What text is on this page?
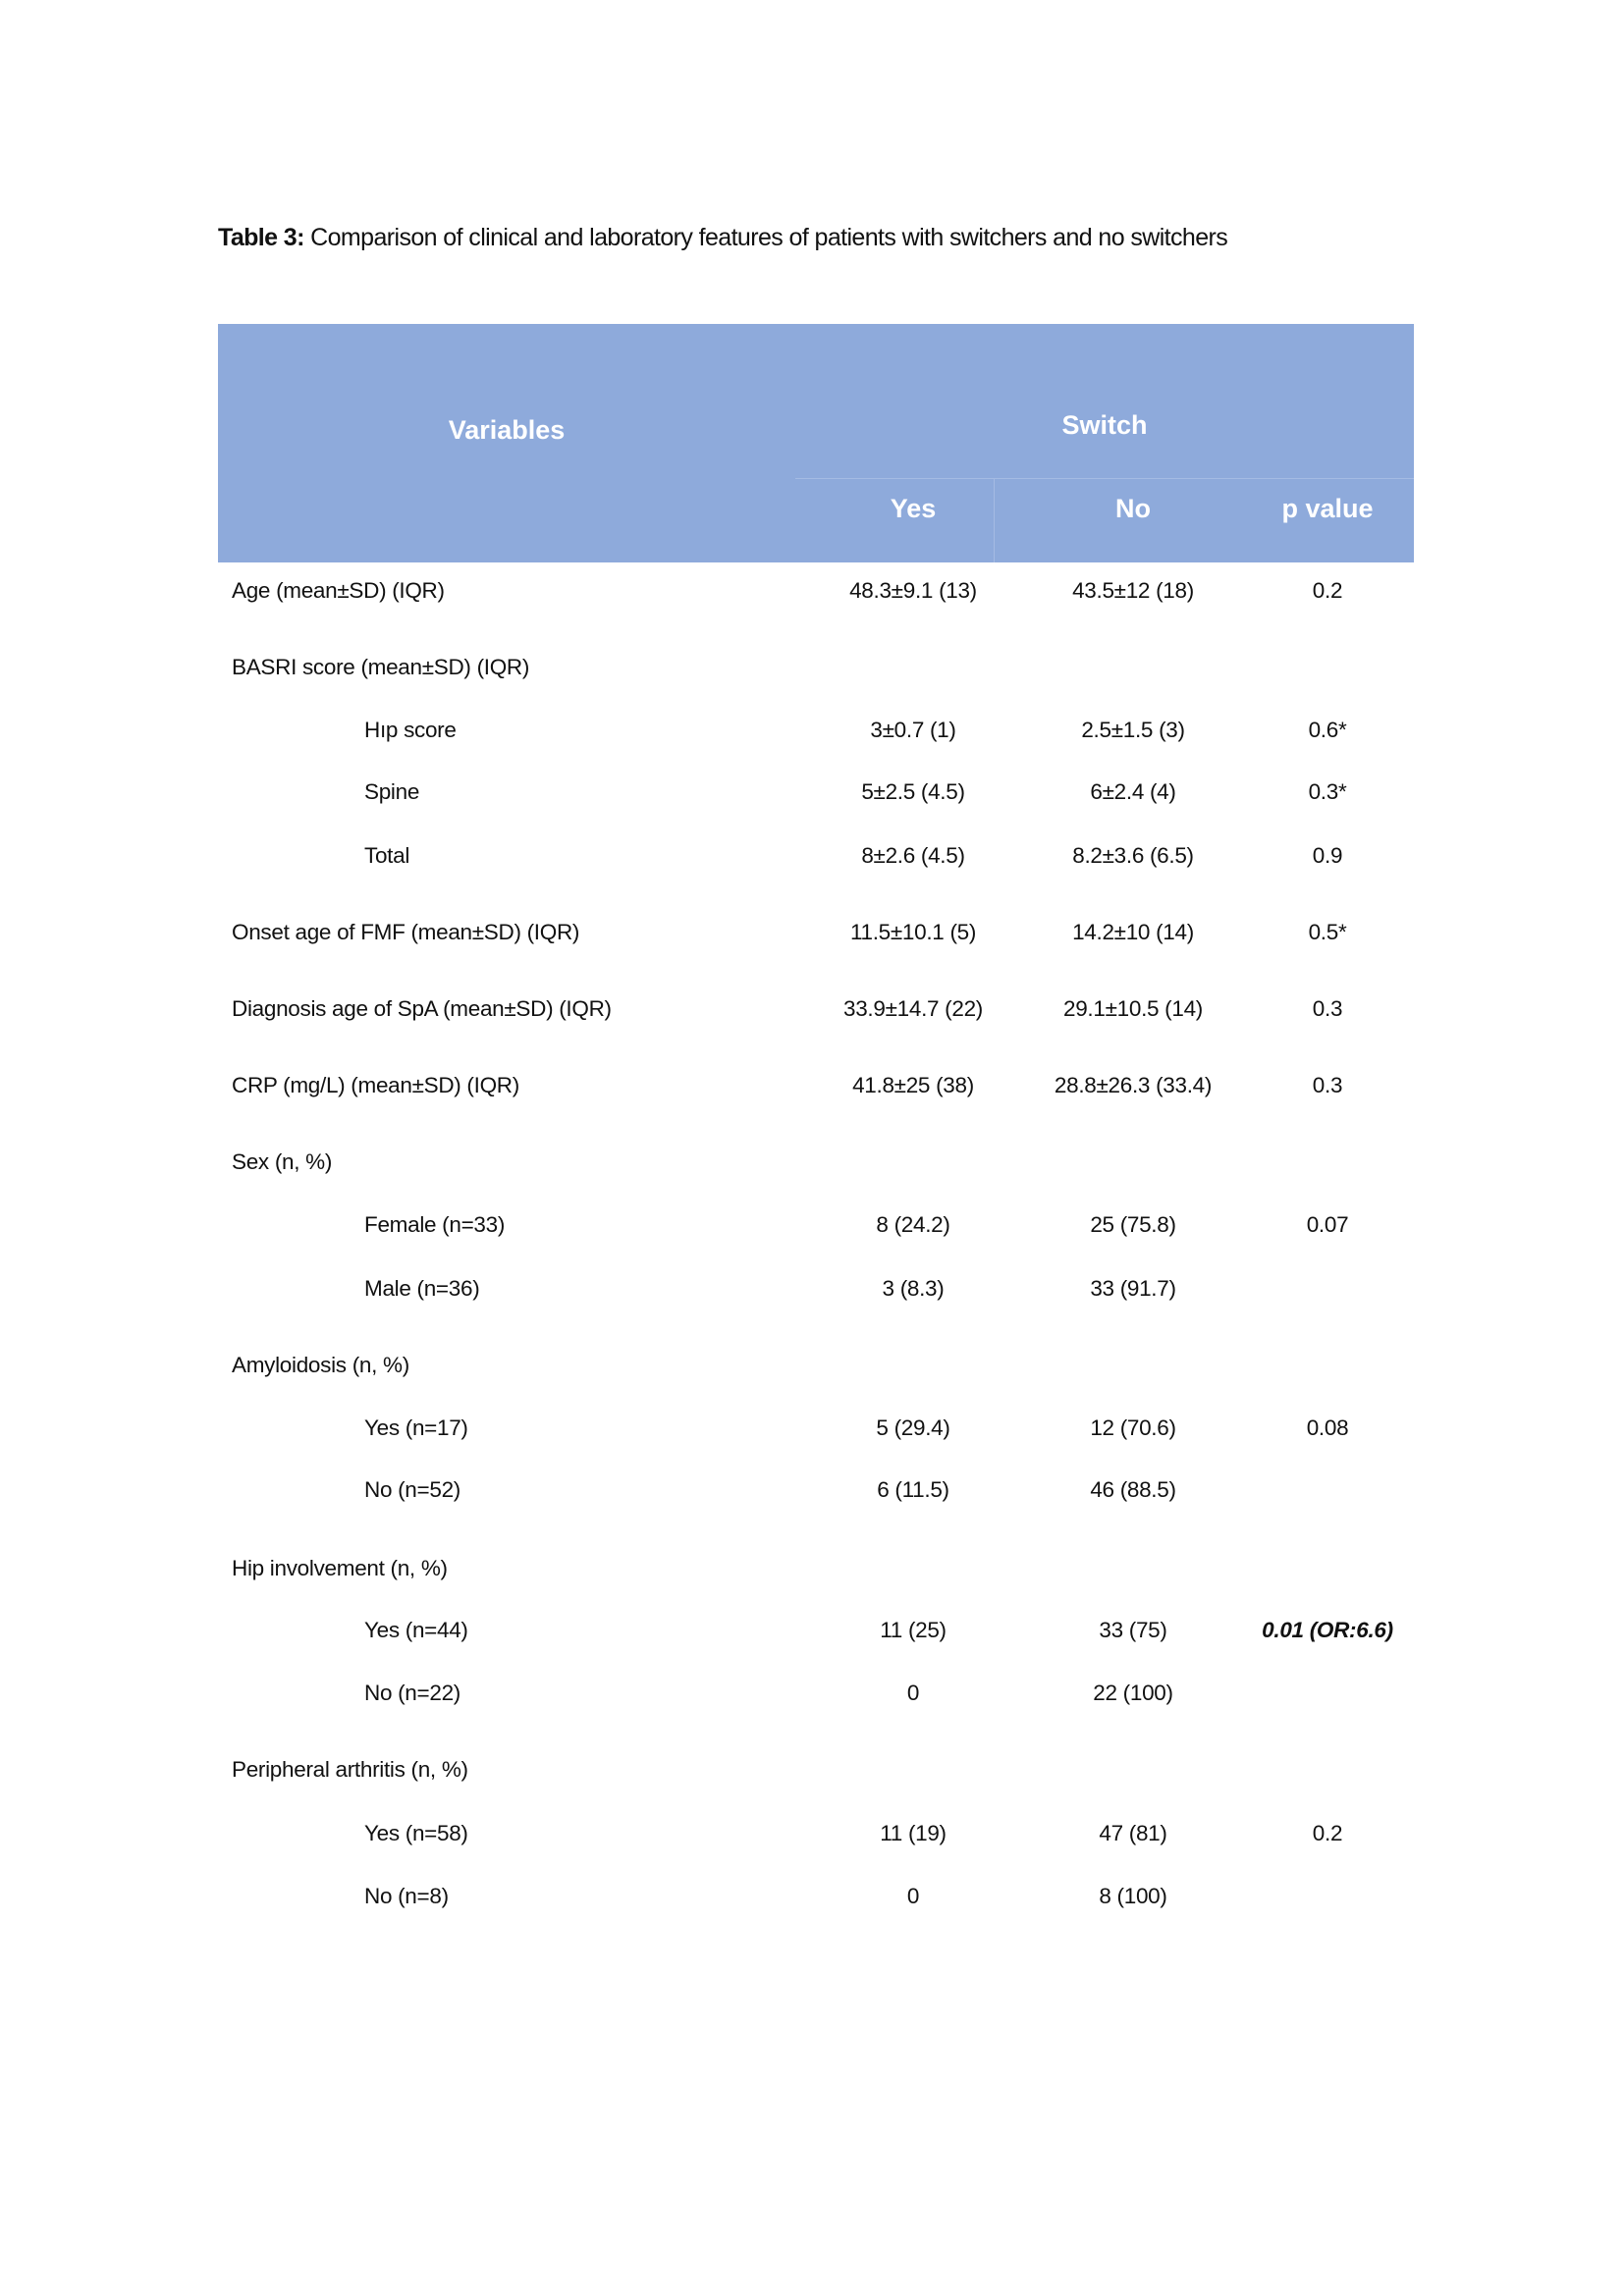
Table 3: Comparison of clinical and laboratory features of patients with switchers and no switchers
Variables	Switch
Yes	No	p value
Age (mean±SD) (IQR)	48.3±9.1 (13)	43.5±12 (18)	0.2
BASRI score (mean±SD) (IQR)
Hıp score	3±0.7 (1)	2.5±1.5 (3)	0.6*
Spine	5±2.5 (4.5)	6±2.4 (4)	0.3*
Total	8±2.6 (4.5)	8.2±3.6 (6.5)	0.9
Onset age of FMF (mean±SD) (IQR)	11.5±10.1 (5)	14.2±10 (14)	0.5*
Diagnosis age of SpA (mean±SD) (IQR)	33.9±14.7 (22)	29.1±10.5 (14)	0.3
CRP (mg/L) (mean±SD) (IQR)	41.8±25 (38)	28.8±26.3 (33.4)	0.3
Sex (n, %)
Female (n=33)	8 (24.2)	25 (75.8)	0.07
Male (n=36)	3 (8.3)	33 (91.7)
Amyloidosis (n, %)
Yes (n=17)	5 (29.4)	12 (70.6)	0.08
No (n=52)	6 (11.5)	46 (88.5)
Hip involvement (n, %)
Yes (n=44)	11 (25)	33 (75)	0.01 (OR:6.6)
No (n=22)	0	22 (100)
Peripheral arthritis (n, %)
Yes (n=58)	11 (19)	47 (81)	0.2
No (n=8)	0	8 (100)
